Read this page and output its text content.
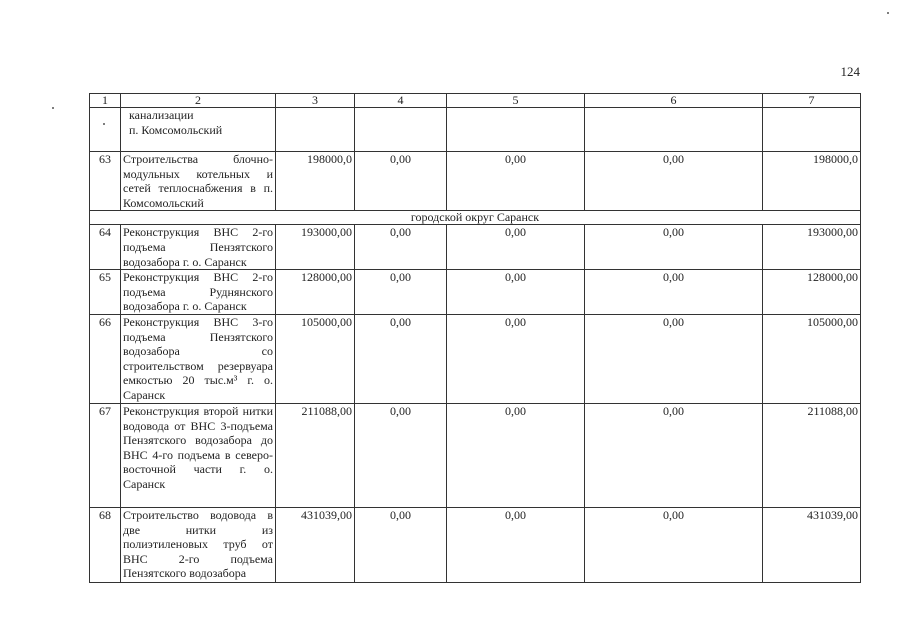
124
1	2	3	4	5	6	7

	канализации
п. Комсомольский					

63	Строительства блочно-модульных котельных и сетей теплоснабжения в п. Комсомольский	198000,0	0,00	0,00	0,00	198000,0
городской округ Саранск						
64	Реконструкция ВНС 2-го подъема Пензятского водозабора г. о. Саранск	193000,00	0,00	0,00	0,00	193000,00
65	Реконструкция ВНС 2-го подъема Руднянского водозабора г. о. Саранск	128000,00	0,00	0,00	0,00	128000,00
66	Реконструкция ВНС 3-го подъема Пензятского водозабора со строительством резервуара емкостью 20 тыс.м³ г. о. Саранск	105000,00	0,00	0,00	0,00	105000,00
67	Реконструкция второй нитки водовода от ВНС 3-подъема Пензятского водозабора до ВНС 4-го подъема в северо-восточной части г. о. Саранск	211088,00	0,00	0,00	0,00	211088,00
68	Строительство водовода в две нитки из полиэтиленовых труб от ВНС 2-го подъема Пензятского водозабора	431039,00	0,00	0,00	0,00	431039,00
